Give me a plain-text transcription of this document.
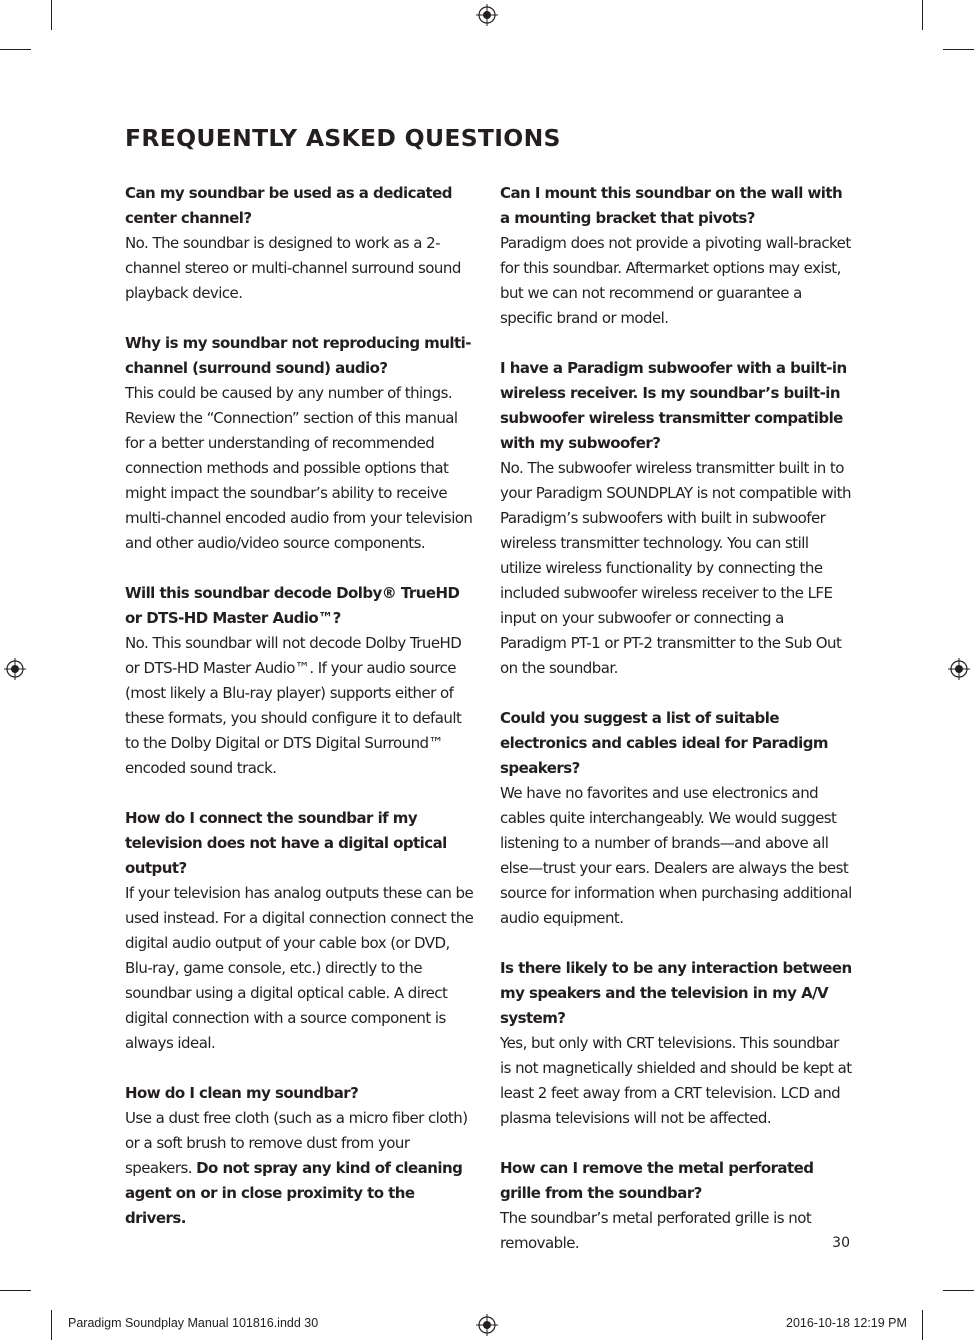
FREQUENTLY ASKED QUESTIONS
Can my soundbar be used as a dedicated center channel?
No. The soundbar is designed to work as a 2-channel stereo or multi-channel surround sound playback device.
Why is my soundbar not reproducing multi-channel (surround sound) audio?
This could be caused by any number of things. Review the “Connection” section of this manual for a better understanding of recommended connection methods and possible options that might impact the soundbar’s ability to receive multi-channel encoded audio from your television and other audio/video source components.
Will this soundbar decode Dolby® TrueHD or DTS-HD Master Audio™?
No. This soundbar will not decode Dolby TrueHD or DTS-HD Master Audio™. If your audio source (most likely a Blu-ray player) supports either of these formats, you should configure it to default to the Dolby Digital or DTS Digital Surround™ encoded sound track.
How do I connect the soundbar if my television does not have a digital optical output?
If your television has analog outputs these can be used instead. For a digital connection connect the digital audio output of your cable box (or DVD, Blu-ray, game console, etc.) directly to the soundbar using a digital optical cable. A direct digital connection with a source component is always ideal.
How do I clean my soundbar?
Use a dust free cloth (such as a micro fiber cloth) or a soft brush to remove dust from your speakers. Do not spray any kind of cleaning agent on or in close proximity to the drivers.
Can I mount this soundbar on the wall with a mounting bracket that pivots?
Paradigm does not provide a pivoting wall-bracket for this soundbar. Aftermarket options may exist, but we can not recommend or guarantee a specific brand or model.
I have a Paradigm subwoofer with a built-in wireless receiver. Is my soundbar’s built-in subwoofer wireless transmitter compatible with my subwoofer?
No. The subwoofer wireless transmitter built in to your Paradigm SOUNDPLAY is not compatible with Paradigm’s subwoofers with built in subwoofer wireless transmitter technology. You can still utilize wireless functionality by connecting the included subwoofer wireless receiver to the LFE input on your subwoofer or connecting a Paradigm PT-1 or PT-2 transmitter to the Sub Out on the soundbar.
Could you suggest a list of suitable electronics and cables ideal for Paradigm speakers?
We have no favorites and use electronics and cables quite interchangeably. We would suggest listening to a number of brands—and above all else—trust your ears. Dealers are always the best source for information when purchasing additional audio equipment.
Is there likely to be any interaction between my speakers and the television in my A/V system?
Yes, but only with CRT televisions. This soundbar is not magnetically shielded and should be kept at least 2 feet away from a CRT television. LCD and plasma televisions will not be affected.
How can I remove the metal perforated grille from the soundbar?
The soundbar’s metal perforated grille is not removable.	30
Paradigm Soundplay Manual 101816.indd 30	2016-10-18 12:19 PM
